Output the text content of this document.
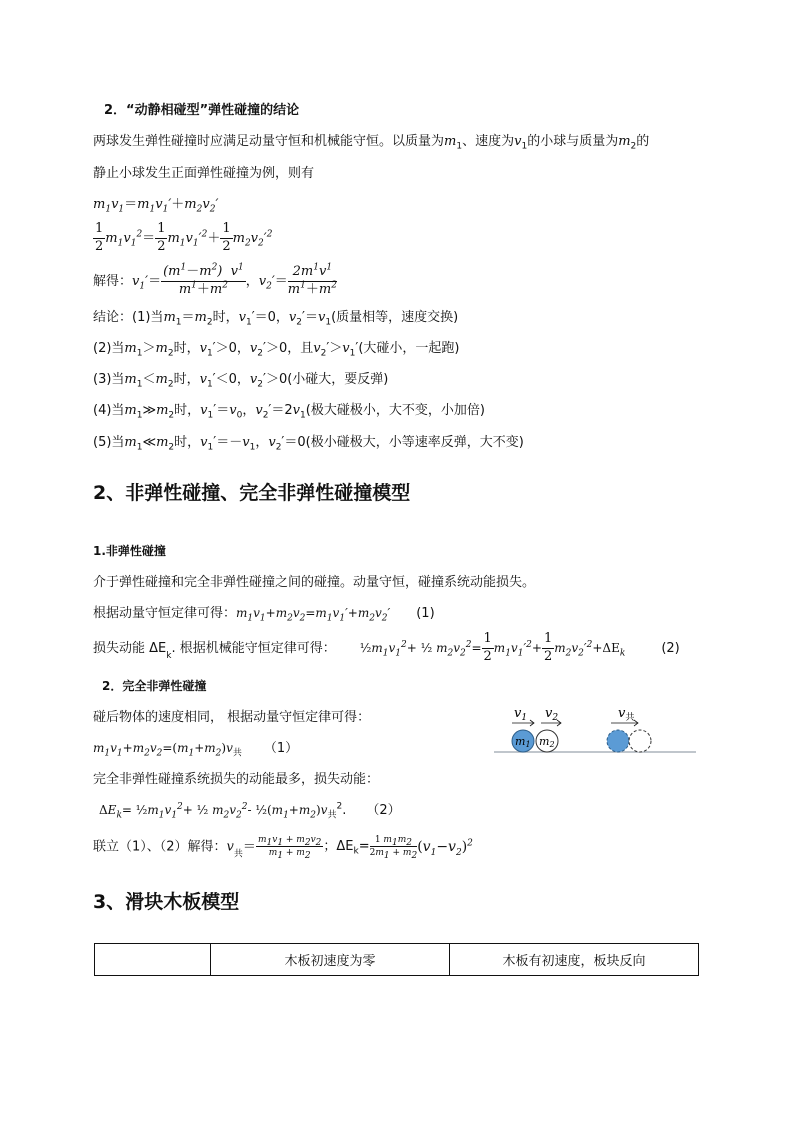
2．“动静相碰型”弹性碰撞的结论
两球发生弹性碰撞时应满足动量守恒和机械能守恒。以质量为$m_1$、速度为$v_1$的小球与质量为$m_2$的
静止小球发生正面弹性碰撞为例，则有
$m_1v_1=m_1v_1'+m_2v_2'$
$\frac{1}{2} m_1v_1^2= \frac{1}{2} m_1v_1'^2+ \frac{1}{2} m_2v_2'^2$
解得：$v_1'= \frac{(m^1-m^2) v^1}{m^1+m^2}$ ，$v_2'= \frac{2m^1v^1}{m^1+m^2}$
结论：(1)当$m_1=m_2$时，$v_1'=0$，$v_2'=v_1$(质量相等，速度交换)
(2)当$m_1>m_2$时，$v_1'>0$，$v_2'>0$，且$v_2'>v_1'$(大碰小，一起跑)
(3)当$m_1<m_2$时，$v_1'<0$，$v_2'>0$(小碰大，要反弹)
(4)当$m_1≫m_2$时，$v_1'=v_0$，$v_2'=2v_1$(极大碰极小，大不变，小加倍)
(5)当$m_1≪m_2$时，$v_1'=-v_1$，$v_2'=0$(极小碰极大，小等速率反弹，大不变)
2、非弹性碰撞、完全非弹性碰撞模型
1.非弹性碰撞
介于弹性碰撞和完全非弹性碰撞之间的碰撞。动量守恒，碰撞系统动能损失。
根据动量守恒定律可得：$m_1v_1+m_2v_2=m_1v_1'+m_2v_2'$ (1)
损失动能 $\Delta E_k$. 根据机械能守恒定律可得： $\frac{1}{2}m_1v_1^2+$ ½ $m_2v_2^2= \frac{1}{2} m_1v_1'^2+ \frac{1}{2} m_2v_2'^2+\Delta E_k$	(2)
2．完全非弹性碰撞
碰后物体的速度相同， 根据动量守恒定律可得：
$m_1v_1+m_2v_2=(m_1+m_2)v_共$ （1）
完全非弹性碰撞系统损失的动能最多，损失动能：
$\Delta E_k=$ $\frac{1}{2}m_1v_1^2+$ ½ $m_2v_2^2-$ $\frac{1}{2}(m_1+m_2)v_共^2$. （2）
联立（1）、（2）解得：$v_共= \frac{m_1v_1 + m_2v_2}{m_1 + m_2}$ ；$\Delta E_k= \frac{1 m_1m_2}{2m_1 + m_2} (v_1-v_2)^2$
$v_1$ $v_2$	$v_共$
m1 m2
3、滑块木板模型
	木板初速度为零	木板有初速度，板块反向
